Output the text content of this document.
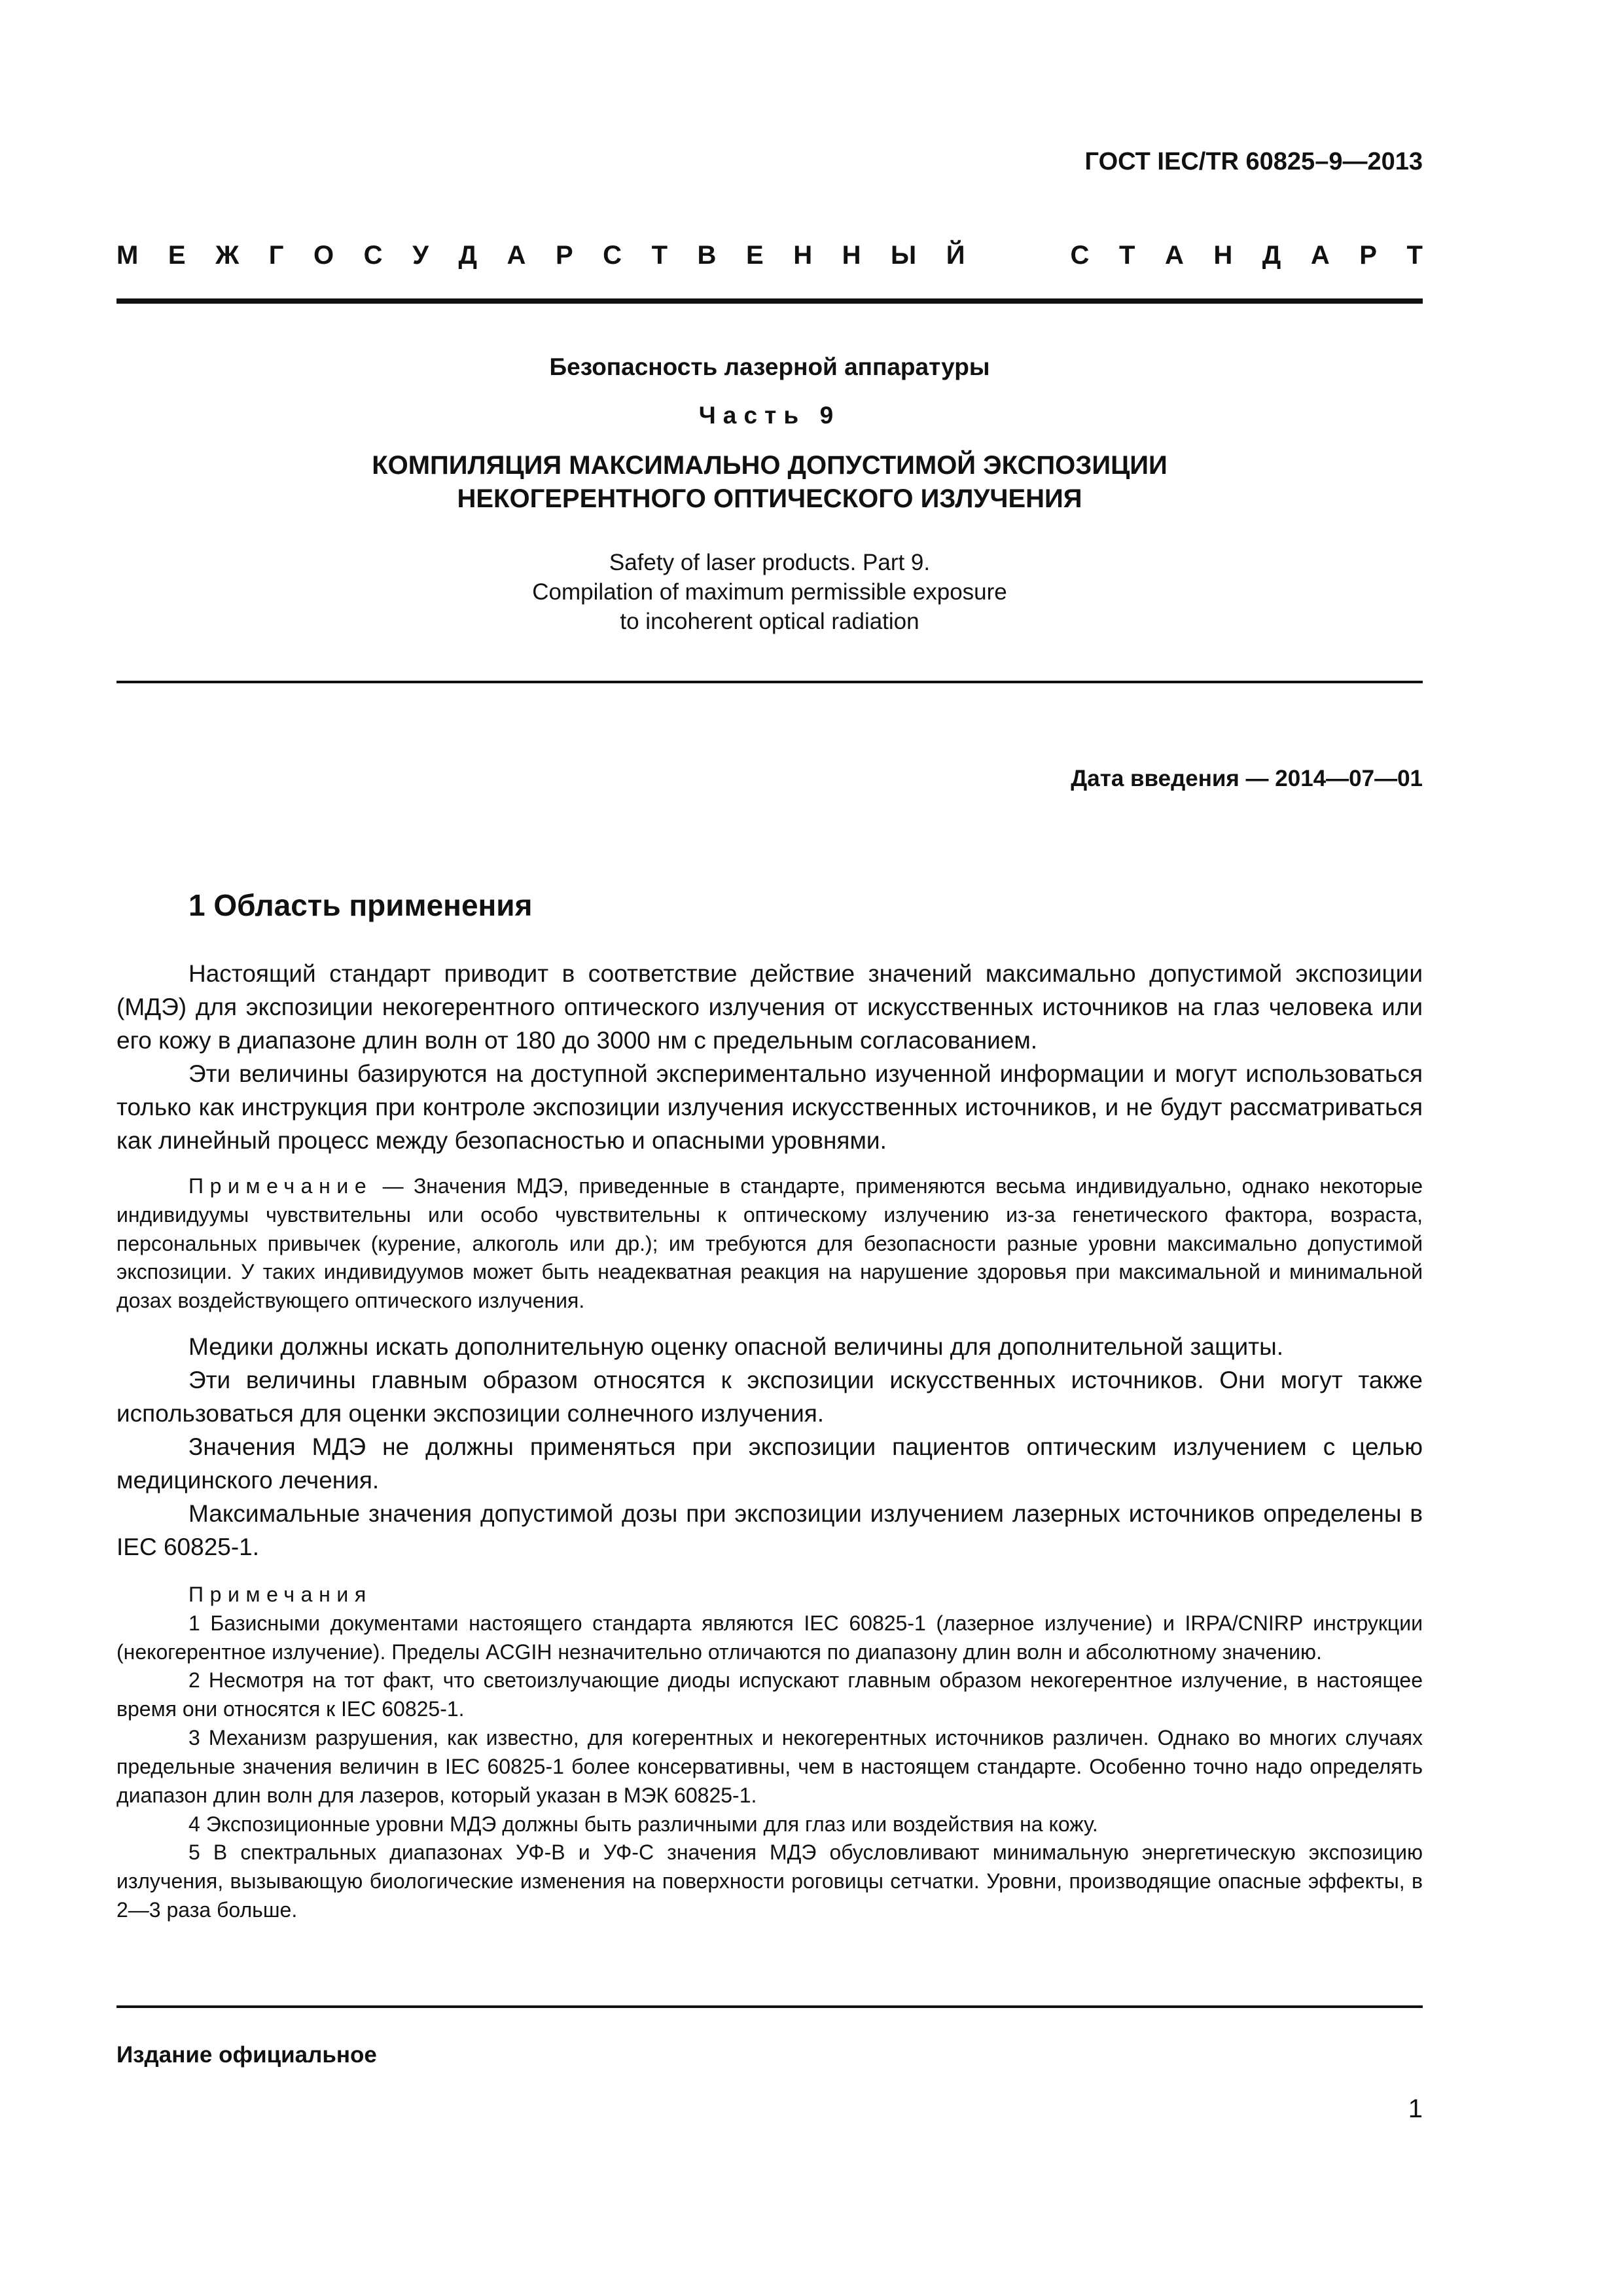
ГОСТ IEC/TR 60825–9—2013
М Е Ж Г О С У Д А Р С Т В Е Н Н Ы Й	С Т А Н Д А Р Т
Безопасность лазерной аппаратуры
Часть 9
КОМПИЛЯЦИЯ МАКСИМАЛЬНО ДОПУСТИМОЙ ЭКСПОЗИЦИИ
НЕКОГЕРЕНТНОГО ОПТИЧЕСКОГО ИЗЛУЧЕНИЯ
Safety of laser products. Part 9.
Compilation of maximum permissible exposure
to incoherent optical radiation
Дата введения — 2014—07—01
1 Область применения

Настоящий стандарт приводит в соответствие действие значений максимально допустимой экспозиции (МДЭ) для экспозиции некогерентного оптического излучения от искусственных источников на глаз человека или его кожу в диапазоне длин волн от 180 до 3000 нм с предельным согласованием.

Эти величины базируются на доступной экспериментально изученной информации и могут использоваться только как инструкция при контроле экспозиции излучения искусственных источников, и не будут рассматриваться как линейный процесс между безопасностью и опасными уровнями.

Примечание — Значения МДЭ, приведенные в стандарте, применяются весьма индивидуально, однако некоторые индивидуумы чувствительны или особо чувствительны к оптическому излучению из-за генетического фактора, возраста, персональных привычек (курение, алкоголь или др.); им требуются для безопасности разные уровни максимально допустимой экспозиции. У таких индивидуумов может быть неадекватная реакция на нарушение здоровья при максимальной и минимальной дозах воздействующего оптического излучения.

Медики должны искать дополнительную оценку опасной величины для дополнительной защиты.

Эти величины главным образом относятся к экспозиции искусственных источников. Они могут также использоваться для оценки экспозиции солнечного излучения.

Значения МДЭ не должны применяться при экспозиции пациентов оптическим излучением с целью медицинского лечения.

Максимальные значения допустимой дозы при экспозиции излучением лазерных источников определены в IEC 60825-1.

Примечания

1 Базисными документами настоящего стандарта являются IEC 60825-1 (лазерное излучение) и IRPA/CNIRP инструкции (некогерентное излучение). Пределы ACGIH незначительно отличаются по диапазону длин волн и абсолютному значению.

2 Несмотря на тот факт, что светоизлучающие диоды испускают главным образом некогерентное излучение, в настоящее время они относятся к IEC 60825-1.

3 Механизм разрушения, как известно, для когерентных и некогерентных источников различен. Однако во многих случаях предельные значения величин в IEC 60825-1 более консервативны, чем в настоящем стандарте. Особенно точно надо определять диапазон длин волн для лазеров, который указан в МЭК 60825-1.

4 Экспозиционные уровни МДЭ должны быть различными для глаз или воздействия на кожу.

5 В спектральных диапазонах УФ-В и УФ-С значения МДЭ обусловливают минимальную энергетическую экспозицию излучения, вызывающую биологические изменения на поверхности роговицы сетчатки. Уровни, производящие опасные эффекты, в 2—3 раза больше.

Издание официальное
1
